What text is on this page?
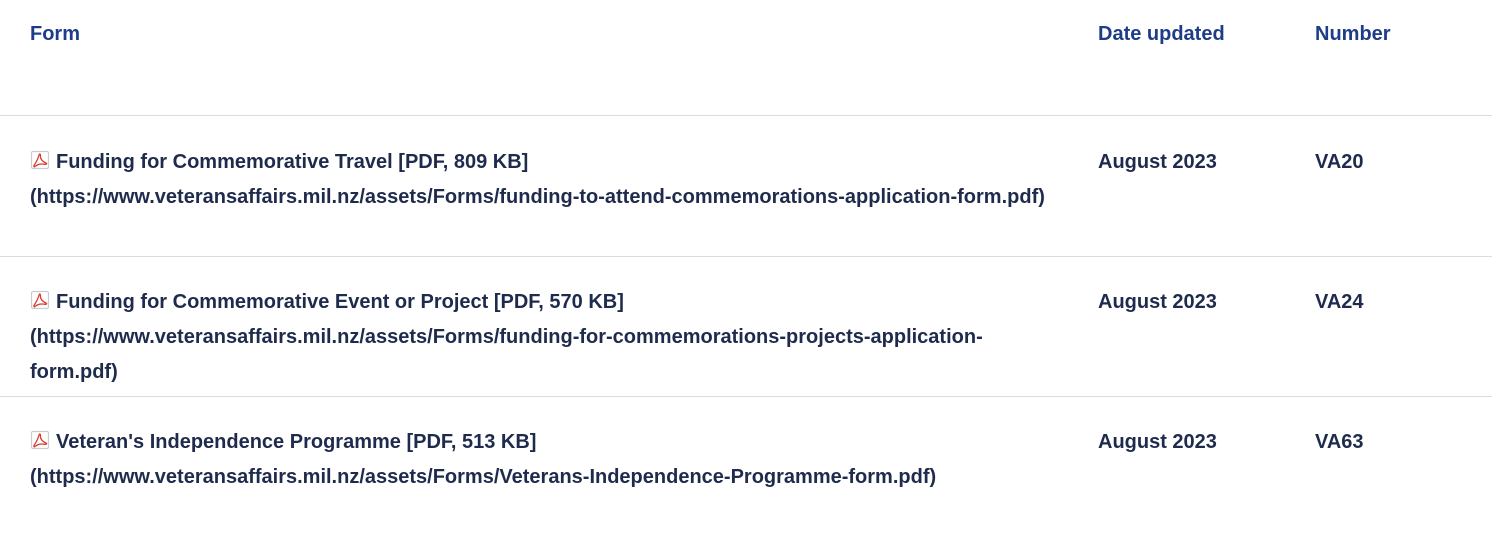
Form	Date updated	Number
Funding for Commemorative Travel [PDF, 809 KB]
(https://www.veteransaffairs.mil.nz/assets/Forms/funding-to-attend-commemorations-application-form.pdf)
August 2023	VA20
Funding for Commemorative Event or Project [PDF, 570 KB]
(https://www.veteransaffairs.mil.nz/assets/Forms/funding-for-commemorations-projects-application-form.pdf)
August 2023	VA24
Veteran's Independence Programme [PDF, 513 KB]
(https://www.veteransaffairs.mil.nz/assets/Forms/Veterans-Independence-Programme-form.pdf)
August 2023	VA63
